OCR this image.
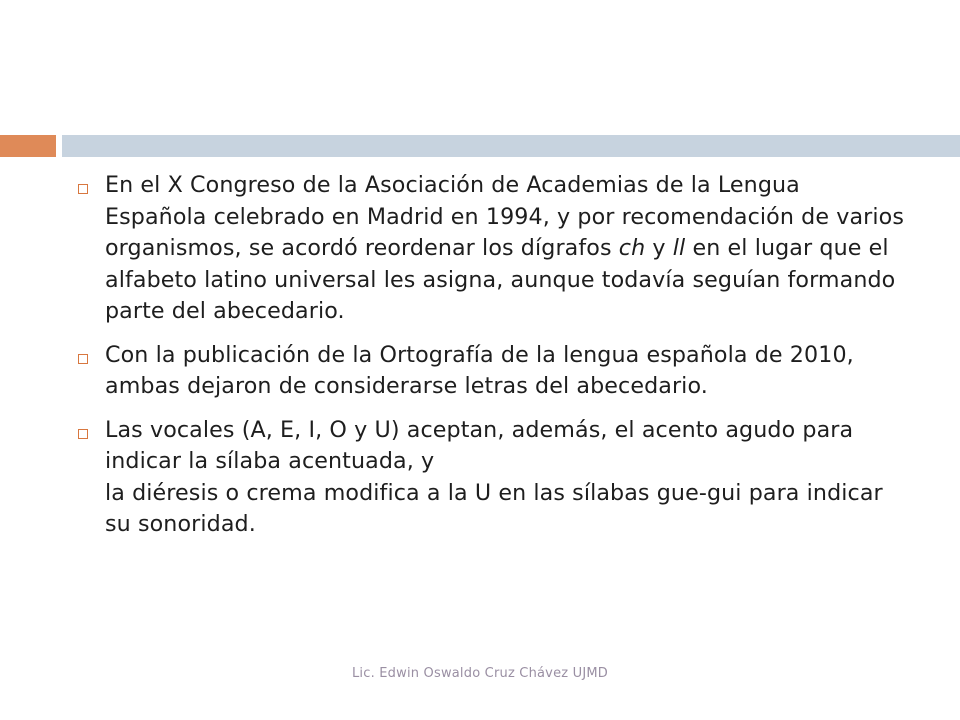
En el X Congreso de la Asociación de Academias de la Lengua Española celebrado en Madrid en 1994, y por recomendación de varios organismos, se acordó reordenar los dígrafos ch y ll en el lugar que el alfabeto latino universal les asigna, aunque todavía seguían formando parte del abecedario.
Con la publicación de la Ortografía de la lengua española de 2010, ambas dejaron de considerarse letras del abecedario.
Las vocales (A, E, I, O y U) aceptan, además, el acento agudo para indicar la sílaba acentuada, y
la diéresis o crema modifica a la U en las sílabas gue-gui para indicar su sonoridad.
Lic. Edwin Oswaldo Cruz Chávez UJMD
